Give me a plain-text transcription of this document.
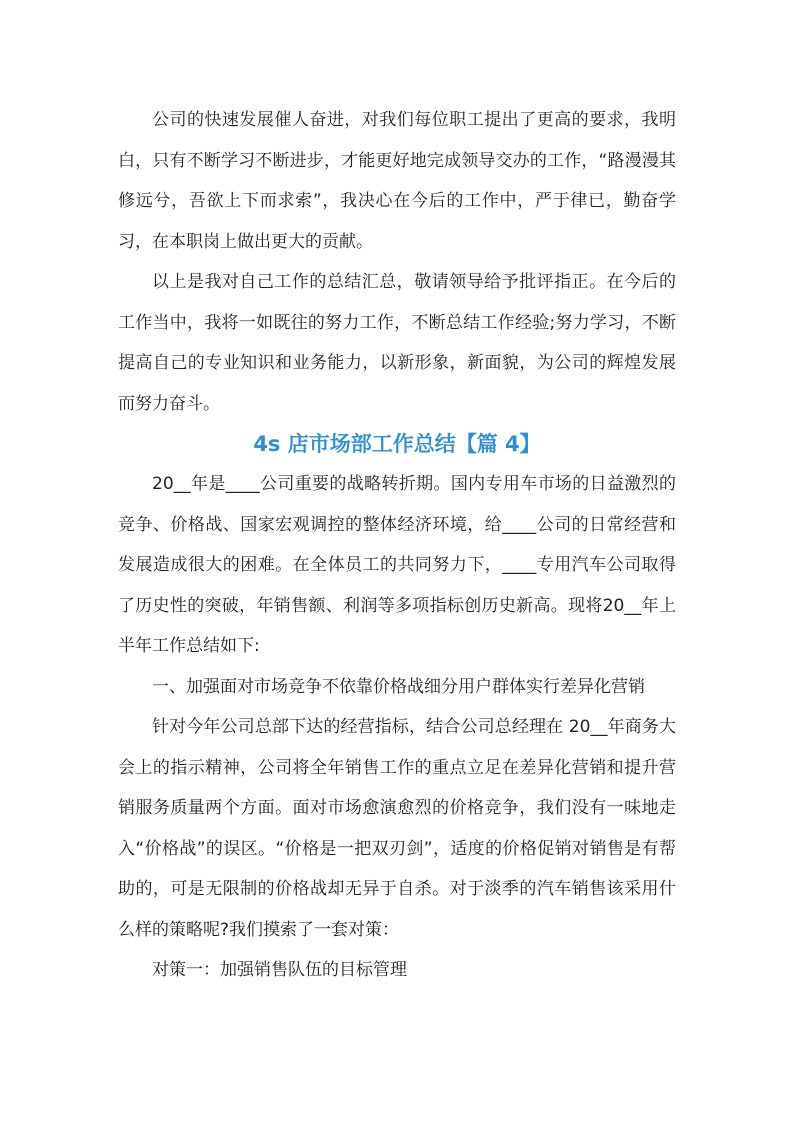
公司的快速发展催人奋进，对我们每位职工提出了更高的要求，我明白，只有不断学习不断进步，才能更好地完成领导交办的工作，“路漫漫其修远兮，吾欲上下而求索”，我决心在今后的工作中，严于律已，勤奋学习，在本职岗上做出更大的贡献。

以上是我对自己工作的总结汇总，敬请领导给予批评指正。在今后的工作当中，我将一如既往的努力工作，不断总结工作经验;努力学习，不断提高自己的专业知识和业务能力，以新形象，新面貌，为公司的辉煌发展而努力奋斗。

4s 店市场部工作总结【篇 4】

20__年是____公司重要的战略转折期。国内专用车市场的日益激烈的竞争、价格战、国家宏观调控的整体经济环境，给____公司的日常经营和发展造成很大的困难。在全体员工的共同努力下，____专用汽车公司取得了历史性的突破，年销售额、利润等多项指标创历史新高。现将20__年上半年工作总结如下:

一、加强面对市场竞争不依靠价格战细分用户群体实行差异化营销

针对今年公司总部下达的经营指标，结合公司总经理在 20__年商务大会上的指示精神，公司将全年销售工作的重点立足在差异化营销和提升营销服务质量两个方面。面对市场愈演愈烈的价格竞争，我们没有一味地走入“价格战”的误区。“价格是一把双刃剑”，适度的价格促销对销售是有帮助的，可是无限制的价格战却无异于自杀。对于淡季的汽车销售该采用什么样的策略呢?我们摸索了一套对策：

对策一：加强销售队伍的目标管理
